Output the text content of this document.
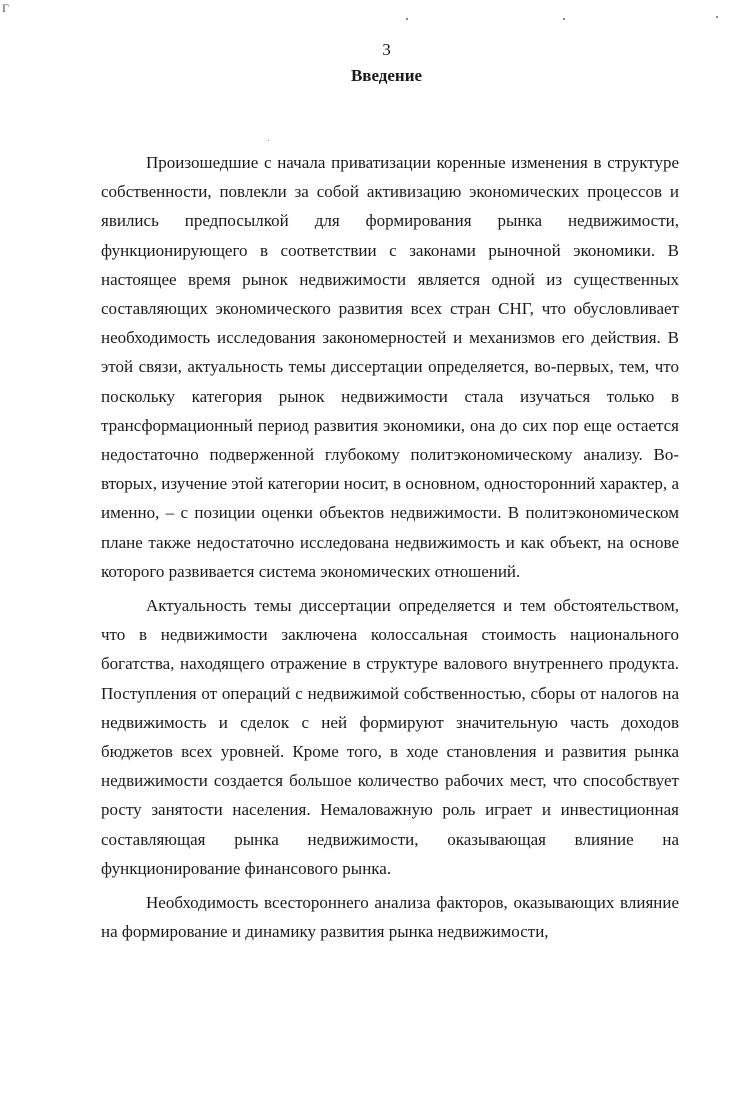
Г
3
Введение

Произошедшие с начала приватизации коренные изменения в структуре собственности, повлекли за собой активизацию экономических процессов и явились предпосылкой для формирования рынка недвижимости, функционирующего в соответствии с законами рыночной экономики. В настоящее время рынок недвижимости является одной из существенных составляющих экономического развития всех стран СНГ, что обусловливает необходимость исследования закономерностей и механизмов его действия. В этой связи, актуальность темы диссертации определяется, во-первых, тем, что поскольку категория рынок недвижимости стала изучаться только в трансформационный период развития экономики, она до сих пор еще остается недостаточно подверженной глубокому политэкономическому анализу. Во-вторых, изучение этой категории носит, в основном, односторонний характер, а именно, – с позиции оценки объектов недвижимости. В политэкономическом плане также недостаточно исследована недвижимость и как объект, на основе которого развивается система экономических отношений.

Актуальность темы диссертации определяется и тем обстоятельством, что в недвижимости заключена колоссальная стоимость национального богатства, находящего отражение в структуре валового внутреннего продукта. Поступления от операций с недвижимой собственностью, сборы от налогов на недвижимость и сделок с ней формируют значительную часть доходов бюджетов всех уровней. Кроме того, в ходе становления и развития рынка недвижимости создается большое количество рабочих мест, что способствует росту занятости населения. Немаловажную роль играет и инвестиционная составляющая рынка недвижимости, оказывающая влияние на функционирование финансового рынка.

Необходимость всестороннего анализа факторов, оказывающих влияние на формирование и динамику развития рынка недвижимости,
